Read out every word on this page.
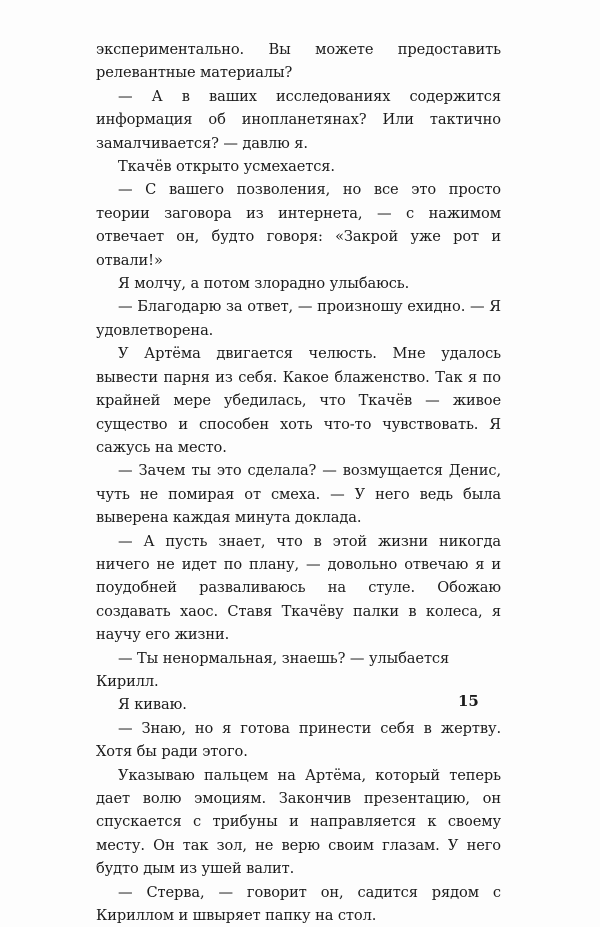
экспериментально. Вы можете предоставить релевантные материалы?

— А в ваших исследованиях содержится информация об инопланетянах? Или тактично замалчивается? — давлю я.

Ткачёв открыто усмехается.

— С вашего позволения, но все это просто теории заговора из интернета, — с нажимом отвечает он, будто говоря: «Закрой уже рот и отвали!»

Я молчу, а потом злорадно улыбаюсь.

— Благодарю за ответ, — произношу ехидно. — Я удовлетворена.

У Артёма двигается челюсть. Мне удалось вывести парня из себя. Какое блаженство. Так я по крайней мере убедилась, что Ткачёв — живое существо и способен хоть что-то чувствовать. Я сажусь на место.

— Зачем ты это сделала? — возмущается Денис, чуть не помирая от смеха. — У него ведь была выверена каждая минута доклада.

— А пусть знает, что в этой жизни никогда ничего не идет по плану, — довольно отвечаю я и поудобней разваливаюсь на стуле. Обожаю создавать хаос. Ставя Ткачёву палки в колеса, я научу его жизни.

— Ты ненормальная, знаешь? — улыбается Кирилл.

Я киваю.

— Знаю, но я готова принести себя в жертву. Хотя бы ради этого.

Указываю пальцем на Артёма, который теперь дает волю эмоциям. Закончив презентацию, он спускается с трибуны и направляется к своему месту. Он так зол, не верю своим глазам. У него будто дым из ушей валит.

— Стерва, — говорит он, садится рядом с Кириллом и швыряет папку на стол.

15
